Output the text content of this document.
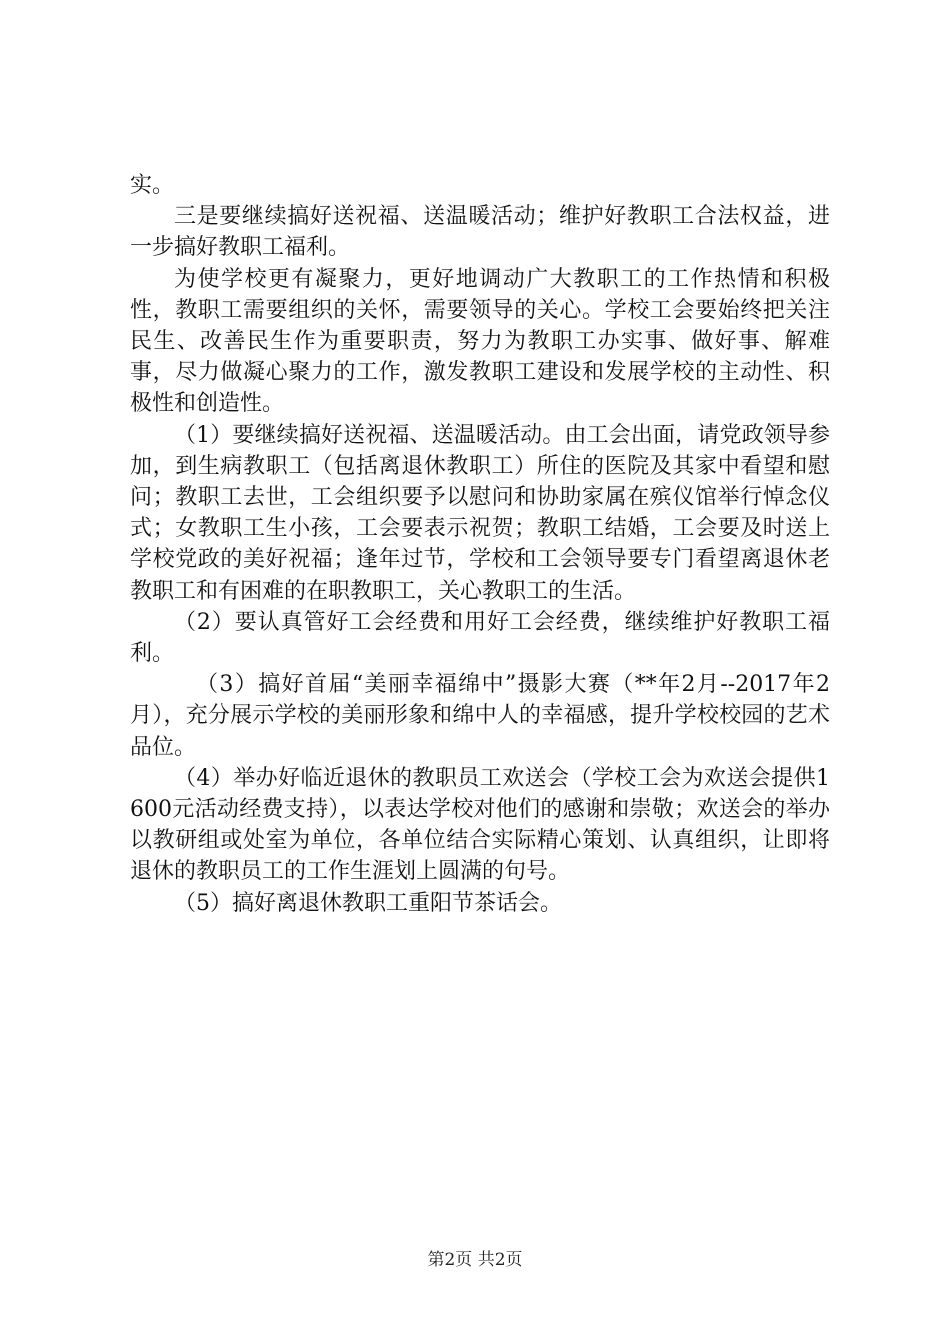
实。

三是要继续搞好送祝福、送温暖活动；维护好教职工合法权益，进一步搞好教职工福利。

为使学校更有凝聚力，更好地调动广大教职工的工作热情和积极性，教职工需要组织的关怀，需要领导的关心。学校工会要始终把关注民生、改善民生作为重要职责，努力为教职工办实事、做好事、解难事，尽力做凝心聚力的工作，激发教职工建设和发展学校的主动性、积极性和创造性。

（1）要继续搞好送祝福、送温暖活动。由工会出面，请党政领导参加，到生病教职工（包括离退休教职工）所住的医院及其家中看望和慰问；教职工去世，工会组织要予以慰问和协助家属在殡仪馆举行悼念仪式；女教职工生小孩，工会要表示祝贺；教职工结婚，工会要及时送上学校党政的美好祝福；逢年过节，学校和工会领导要专门看望离退休老教职工和有困难的在职教职工，关心教职工的生活。

（2）要认真管好工会经费和用好工会经费，继续维护好教职工福利。

（3）搞好首届“美丽幸福绵中”摄影大赛（**年2月--2017年2月），充分展示学校的美丽形象和绵中人的幸福感，提升学校校园的艺术品位。

（4）举办好临近退休的教职员工欢送会（学校工会为欢送会提供1600元活动经费支持），以表达学校对他们的感谢和崇敬；欢送会的举办以教研组或处室为单位，各单位结合实际精心策划、认真组织，让即将退休的教职员工的工作生涯划上圆满的句号。

（5）搞好离退休教职工重阳节茶话会。

第2页 共2页
